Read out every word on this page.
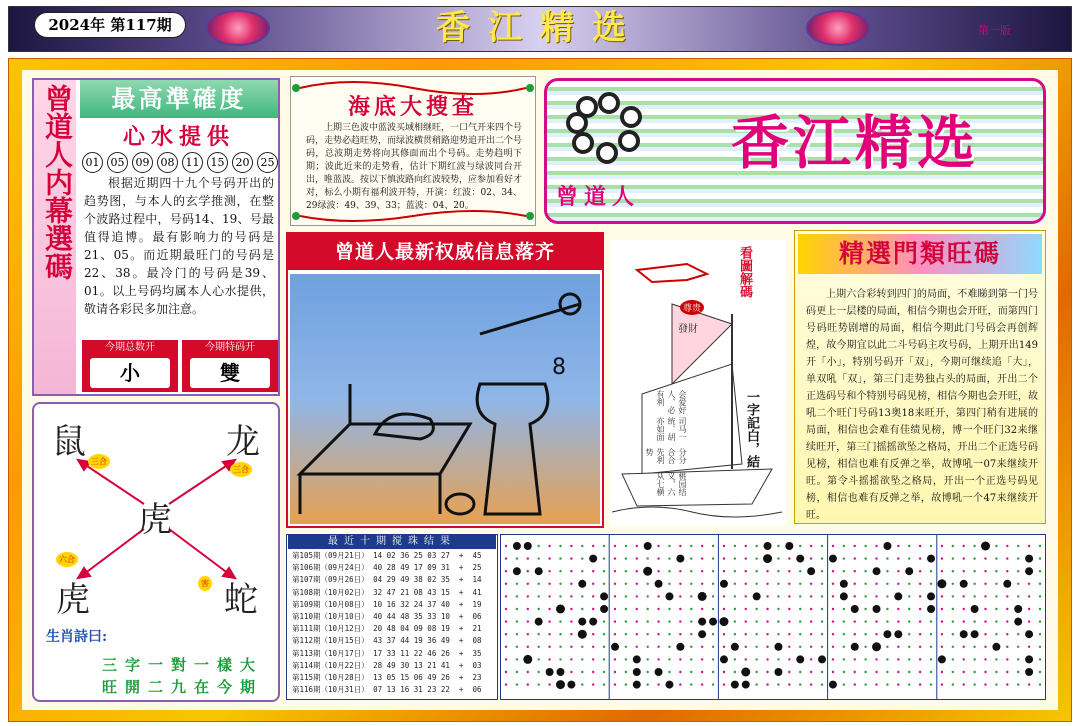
2024年 第117期	香江精选	第一版
曾道人内幕選碼	最高準確度
心水提供
01	05	09	08	11	15	20	25
根据近期四十九个号码开出的趋势图，与本人的玄学推测，在整个波路过程中，号码14、19、号最值得追博。最有影响力的号码是21、05。而近期最旺门的号码是22、38。最冷门的号码是39、01。以上号码均属本人心水提供，敬请各彩民多加注意。
今期总数开
小
今期特码开
雙
鼠	龙
虎
虎	蛇
三合
三合
六合
害
生肖詩曰:
三字一對一樣大
旺開二九在今期
海底大搜查
上期三色波中蓝波买域相继旺，一口气开来四个号码，走势必趋旺势，而绿波横贯稍路迎势追开出二个号码，总波期走势将向其修面而出个号码。走势趋明下期；波此近来的走势看，估计下期红波与绿波同台开出，唯蓝波。按以下慎波路向红波较势，应参加看好才对，标么小期有福利波开特，开演：红波：02、34、29绿波：49、39、33；蓝波：04、20。
香江精选
曾道人
曾道人最新权威信息落齐
8
看圖解碼
尊贵
發財
一字記白，結
桃园结义，六从七横
分分合合先利势
司马一统、胡亦如面
会爱好人、必有利
精選門類旺碼
上期六合彩转到四门的局面，不难睇到第一门号码更上一层楼的局面，相信今期也会开旺，而第四门号码旺势剧增的局面，相信今期此门号码会再创辉煌，故今期宜以此二斗号码主攻号码，上期开出149开「小」，特别号码开「双」，今期可继续追「大」，单双吼「双」，第三门走势独占头的局面，开出二个正选码号和个特别号码见榜，相信今期也会开旺，故吼二个旺门号码13奥18来旺开，第四门稍有进展的局面，相信也会难有佳绩见榜，博一个旺门32来继续旺开，第三门摇摇欲坠之格局，开出二个正选号码见榜，相信也难有反弹之举，故博吼一07来继续开旺。第令斗摇摇欲坠之格局，开出一个正选号码见榜，相信也难有反弹之举，故博吼一个47来继续开旺。
最近十期搅珠结果
第105期（09月21日） 14 02 36 25 03 27  +  45
第106期（09月24日） 40 28 49 17 09 31  +  25
第107期（09月26日） 04 29 49 38 02 35  +  14
第108期（10月02日） 32 47 21 08 43 15  +  41
第109期（10月08日） 10 16 32 24 37 40  +  19
第110期（10月10日） 40 44 48 35 33 10  +  06
第111期（10月12日） 20 48 04 09 08 19  +  21
第112期（10月15日） 43 37 44 19 36 49  +  08
第113期（10月17日） 17 33 11 22 46 26  +  35
第114期（10月22日） 28 49 30 13 21 41  +  03
第115期（10月28日） 13 05 15 06 49 26  +  23
第116期（10月31日） 07 13 16 31 23 22  +  06
